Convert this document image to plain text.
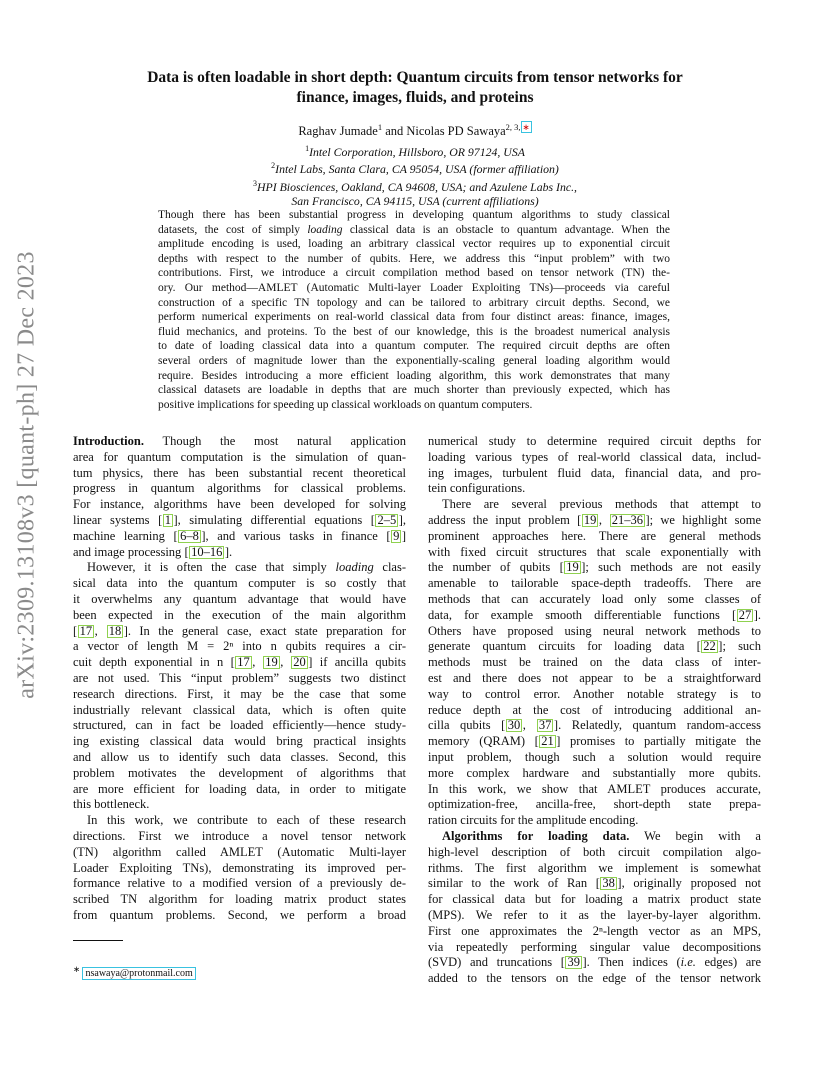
arXiv:2309.13108v3 [quant-ph] 27 Dec 2023
Data is often loadable in short depth: Quantum circuits from tensor networks for
finance, images, fluids, and proteins
Raghav Jumade$^1$ and Nicolas PD Sawaya$^{2, 3, ∗}$
$^1$Intel Corporation, Hillsboro, OR 97124, USA
$^2$Intel Labs, Santa Clara, CA 95054, USA (former affiliation)
$^3$HPI Biosciences, Oakland, CA 94608, USA; and Azulene Labs Inc.,
San Francisco, CA 94115, USA (current affiliations)
Though there has been substantial progress in developing quantum algorithms to study classical
datasets, the cost of simply loading classical data is an obstacle to quantum advantage. When the
amplitude encoding is used, loading an arbitrary classical vector requires up to exponential circuit
depths with respect to the number of qubits. Here, we address this “input problem” with two
contributions. First, we introduce a circuit compilation method based on tensor network (TN) the-
ory. Our method—AMLET (Automatic Multi-layer Loader Exploiting TNs)—proceeds via careful
construction of a specific TN topology and can be tailored to arbitrary circuit depths. Second, we
perform numerical experiments on real-world classical data from four distinct areas: finance, images,
fluid mechanics, and proteins. To the best of our knowledge, this is the broadest numerical analysis
to date of loading classical data into a quantum computer. The required circuit depths are often
several orders of magnitude lower than the exponentially-scaling general loading algorithm would
require. Besides introducing a more efficient loading algorithm, this work demonstrates that many
classical datasets are loadable in depths that are much shorter than previously expected, which has
positive implications for speeding up classical workloads on quantum computers.
Introduction. Though the most natural application
area for quantum computation is the simulation of quan-
tum physics, there has been substantial recent theoretical
progress in quantum algorithms for classical problems.
For instance, algorithms have been developed for solving
linear systems [ 1 ], simulating differential equations [ 2–5 ],
machine learning [ 6–8 ], and various tasks in finance [ 9 ]
and image processing [ 10–16 ].
However, it is often the case that simply loading clas-
sical data into the quantum computer is so costly that
it overwhelms any quantum advantage that would have
been expected in the execution of the main algorithm
[ 17 , 18 ]. In the general case, exact state preparation for
a vector of length M = 2ⁿ into n qubits requires a cir-
cuit depth exponential in n [ 17 , 19 , 20 ] if ancilla qubits
are not used. This “input problem” suggests two distinct
research directions. First, it may be the case that some
industrially relevant classical data, which is often quite
structured, can in fact be loaded efficiently—hence study-
ing existing classical data would bring practical insights
and allow us to identify such data classes. Second, this
problem motivates the development of algorithms that
are more efficient for loading data, in order to mitigate
this bottleneck.
In this work, we contribute to each of these research
directions. First we introduce a novel tensor network
(TN) algorithm called AMLET (Automatic Multi-layer
Loader Exploiting TNs), demonstrating its improved per-
formance relative to a modified version of a previously de-
scribed TN algorithm for loading matrix product states
from quantum problems. Second, we perform a broad
numerical study to determine required circuit depths for
loading various types of real-world classical data, includ-
ing images, turbulent fluid data, financial data, and pro-
tein configurations.
There are several previous methods that attempt to
address the input problem [ 19 , 21–36 ]; we highlight some
prominent approaches here. There are general methods
with fixed circuit structures that scale exponentially with
the number of qubits [ 19 ]; such methods are not easily
amenable to tailorable space-depth tradeoffs. There are
methods that can accurately load only some classes of
data, for example smooth differentiable functions [ 27 ].
Others have proposed using neural network methods to
generate quantum circuits for loading data [ 22 ]; such
methods must be trained on the data class of inter-
est and there does not appear to be a straightforward
way to control error. Another notable strategy is to
reduce depth at the cost of introducing additional an-
cilla qubits [ 30 , 37 ]. Relatedly, quantum random-access
memory (QRAM) [ 21 ] promises to partially mitigate the
input problem, though such a solution would require
more complex hardware and substantially more qubits.
In this work, we show that AMLET produces accurate,
optimization-free, ancilla-free, short-depth state prepa-
ration circuits for the amplitude encoding.
Algorithms for loading data. We begin with a
high-level description of both circuit compilation algo-
rithms. The first algorithm we implement is somewhat
similar to the work of Ran [ 38 ], originally proposed not
for classical data but for loading a matrix product state
(MPS). We refer to it as the layer-by-layer algorithm.
First one approximates the 2ⁿ-length vector as an MPS,
via repeatedly performing singular value decompositions
(SVD) and truncations [ 39 ]. Then indices (i.e. edges) are
added to the tensors on the edge of the tensor network
∗ nsawaya@protonmail.com
